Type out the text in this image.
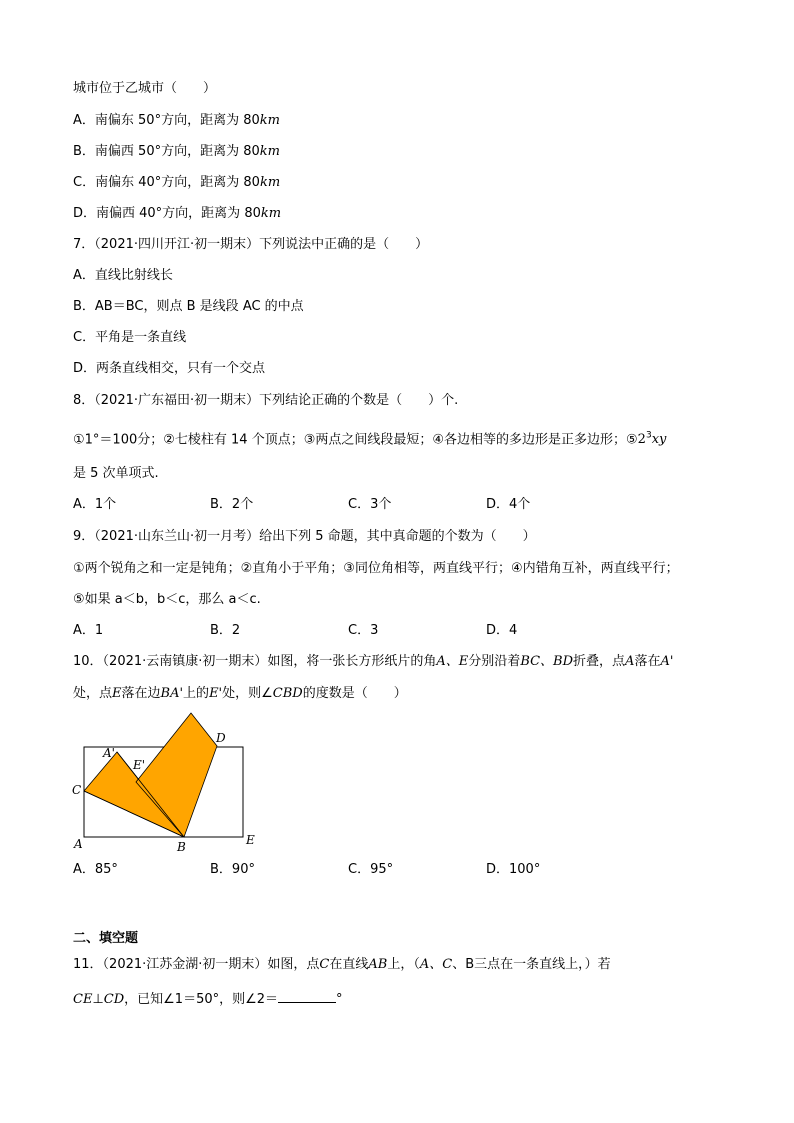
城市位于乙城市（　　）
A．南偏东 50°方向，距离为 80km
B．南偏西 50°方向，距离为 80km
C．南偏东 40°方向，距离为 80km
D．南偏西 40°方向，距离为 80km
7．（2021·四川开江·初一期末）下列说法中正确的是（　　）
A．直线比射线长
B．AB＝BC，则点 B 是线段 AC 的中点
C．平角是一条直线
D．两条直线相交，只有一个交点
8．（2021·广东福田·初一期末）下列结论正确的个数是（　　）个.
①1°＝100分；②七棱柱有 14 个顶点；③两点之间线段最短；④各边相等的多边形是正多边形；$⑤2^3xy$
是 5 次单项式.
A．1个	B．2个	C．3个	D．4个
9．（2021·山东兰山·初一月考）给出下列 5 命题，其中真命题的个数为（　　）
①两个锐角之和一定是钝角；②直角小于平角；③同位角相等，两直线平行；④内错角互补，两直线平行；
⑤如果 a＜b，b＜c，那么 a＜c.
A．1	B．2	C．3	D．4
10．（2021·云南镇康·初一期末）如图，将一张长方形纸片的角A、E分别沿着BC、BD折叠，点A落在A'
处，点E落在边BA'上的E'处，则∠CBD的度数是（　　）
A'
E'
D
C
A	B	E
A．85°	B．90°	C．95°	D．100°
二、填空题
11．（2021·江苏金湖·初一期末）如图，点C在直线AB上，（A、C、B三点在一条直线上，）若
CE⊥CD，已知∠1＝50°，则∠2＝	°
